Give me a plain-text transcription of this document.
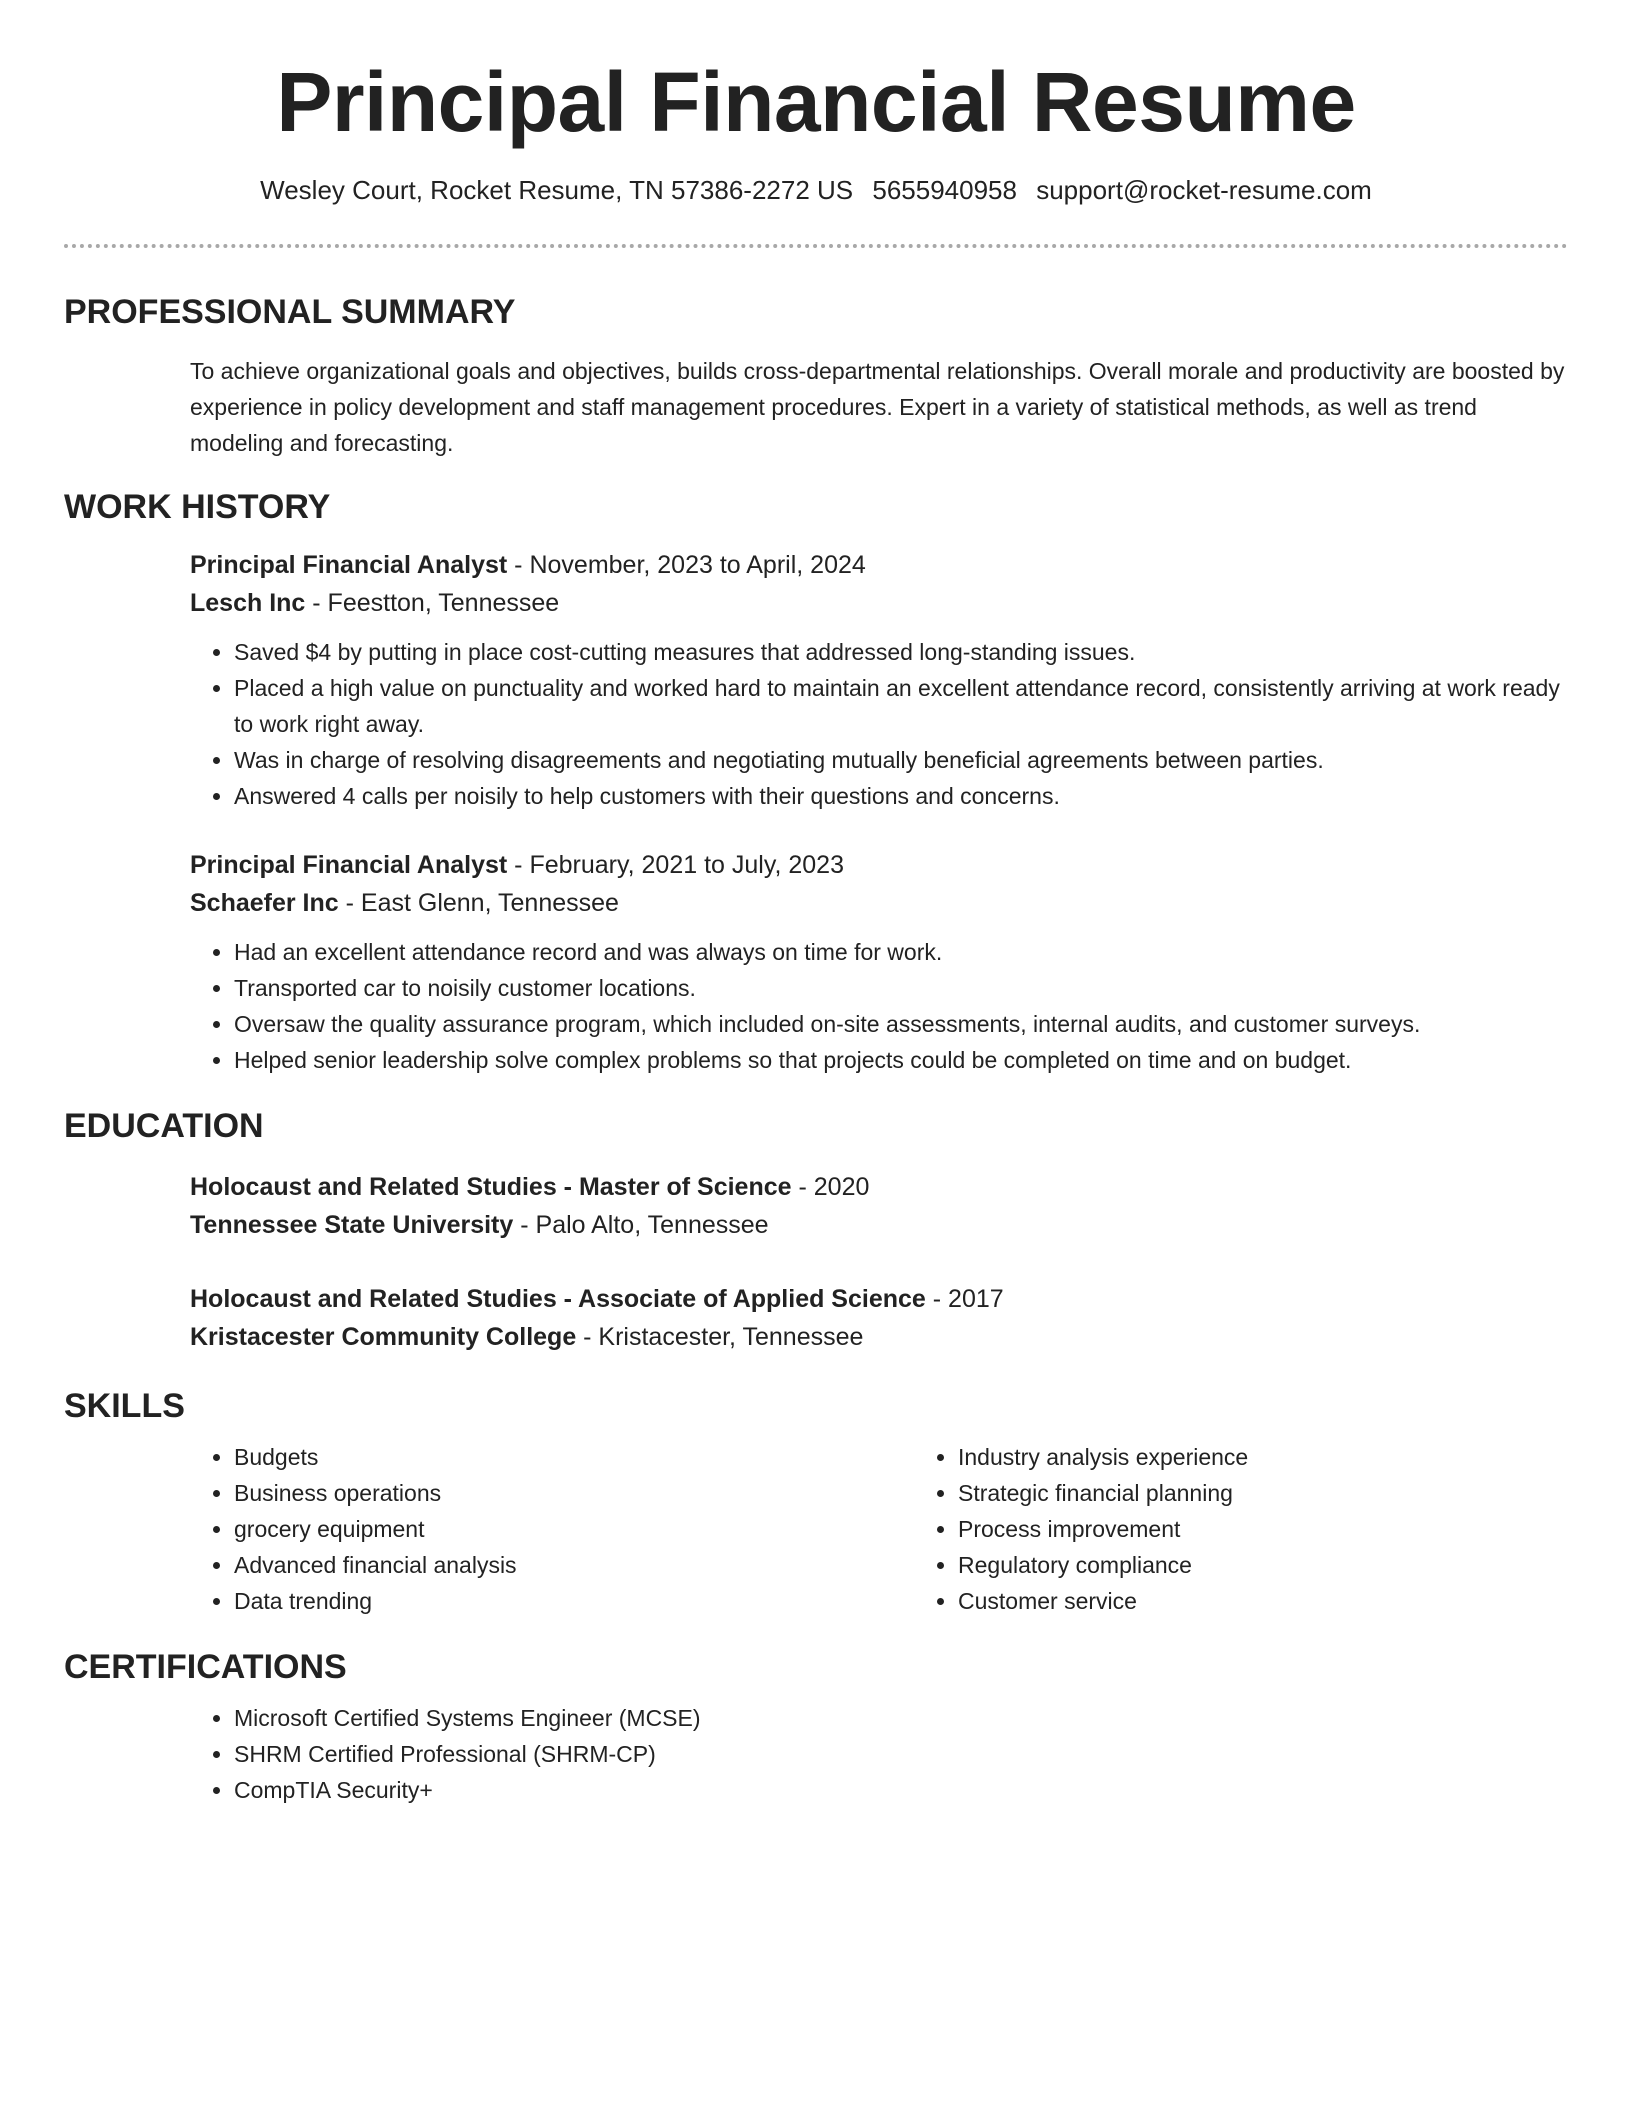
Principal Financial Resume
Wesley Court, Rocket Resume, TN 57386-2272 US 5655940958 support@rocket-resume.com
PROFESSIONAL SUMMARY

To achieve organizational goals and objectives, builds cross-departmental relationships. Overall morale and productivity are boosted by experience in policy development and staff management procedures. Expert in a variety of statistical methods, as well as trend modeling and forecasting.

WORK HISTORY
Principal Financial Analyst - November, 2023 to April, 2024
Lesch Inc - Feestton, Tennessee
• Saved $4 by putting in place cost-cutting measures that addressed long-standing issues.
• Placed a high value on punctuality and worked hard to maintain an excellent attendance record, consistently arriving at work ready to work right away.
• Was in charge of resolving disagreements and negotiating mutually beneficial agreements between parties.
• Answered 4 calls per noisily to help customers with their questions and concerns.
Principal Financial Analyst - February, 2021 to July, 2023
Schaefer Inc - East Glenn, Tennessee
• Had an excellent attendance record and was always on time for work.
• Transported car to noisily customer locations.
• Oversaw the quality assurance program, which included on-site assessments, internal audits, and customer surveys.
• Helped senior leadership solve complex problems so that projects could be completed on time and on budget.
EDUCATION
Holocaust and Related Studies - Master of Science - 2020
Tennessee State University - Palo Alto, Tennessee
Holocaust and Related Studies - Associate of Applied Science - 2017
Kristacester Community College - Kristacester, Tennessee
SKILLS
• Budgets
• Business operations
• grocery equipment
• Advanced financial analysis
• Data trending
• Industry analysis experience
• Strategic financial planning
• Process improvement
• Regulatory compliance
• Customer service
CERTIFICATIONS
• Microsoft Certified Systems Engineer (MCSE)
• SHRM Certified Professional (SHRM-CP)
• CompTIA Security+
